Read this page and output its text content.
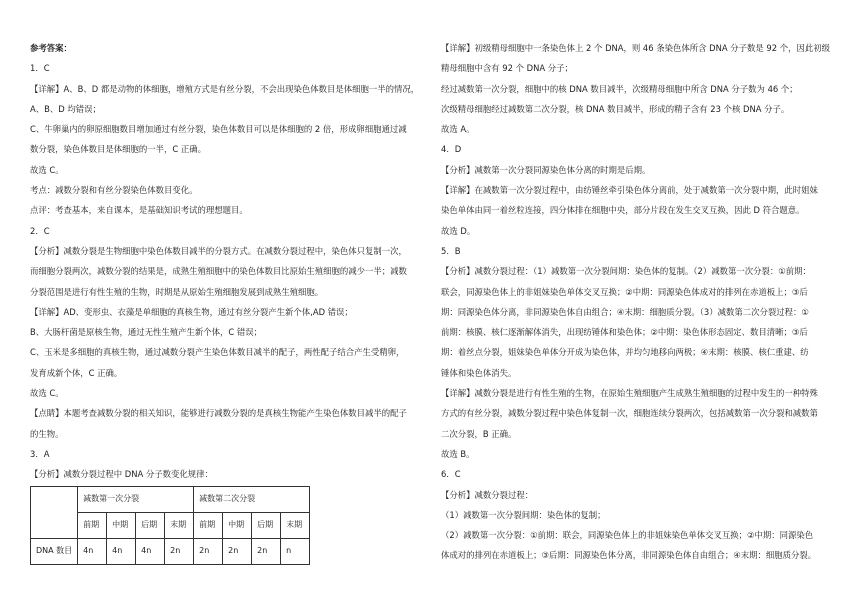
参考答案：
1．C
【详解】A、B、D 都是动物的体细胞，增殖方式是有丝分裂，不会出现染色体数目是体细胞一半的情况，
A、B、D 均错误；
C、牛卵巢内的卵原细胞数目增加通过有丝分裂，染色体数目可以是体细胞的 2 倍，形成卵细胞通过减
数分裂，染色体数目是体细胞的一半，C 正确。
故选 C。
考点：减数分裂和有丝分裂染色体数目变化。
点评：考查基本，来自课本，是基础知识考试的理想题目。
2．C
【分析】减数分裂是生物细胞中染色体数目减半的分裂方式。在减数分裂过程中，染色体只复制一次，
而细胞分裂两次，减数分裂的结果是，成熟生殖细胞中的染色体数目比原始生殖细胞的减少一半；减数
分裂范围是进行有性生殖的生物，时期是从原始生殖细胞发展到成熟生殖细胞。
【详解】AD、变形虫、衣藻是单细胞的真核生物，通过有丝分裂产生新个体,AD 错误；
B、大肠杆菌是原核生物，通过无性生殖产生新个体，C 错误；
C、玉米是多细胞的真核生物，通过减数分裂产生染色体数目减半的配子，两性配子结合产生受精卵，
发育成新个体，C 正确。
故选 C。
【点睛】本题考查减数分裂的相关知识，能够进行减数分裂的是真核生物能产生染色体数目减半的配子
的生物。
3．A
【分析】减数分裂过程中 DNA 分子数变化规律：
	减数第一次分裂				减数第二次分裂			
	前期	中期	后期	末期	前期	中期	后期	末期
DNA 数目	4n	4n	4n	2n	2n	2n	2n	n
【详解】初级精母细胞中一条染色体上 2 个 DNA，则 46 条染色体所含 DNA 分子数是 92 个，因此初级
精母细胞中含有 92 个 DNA 分子；
经过减数第一次分裂，细胞中的核 DNA 数目减半，次级精母细胞中所含 DNA 分子数为 46 个；
次级精母细胞经过减数第二次分裂，核 DNA 数目减半，形成的精子含有 23 个核 DNA 分子。
故选 A。
4．D
【分析】减数第一次分裂同源染色体分离的时期是后期。
【详解】在减数第一次分裂过程中，由纺锤丝牵引染色体分离前，处于减数第一次分裂中期，此时姐妹
染色单体由同一着丝粒连接，四分体排在细胞中央，部分片段在发生交叉互换，因此 D 符合题意。
故选 D。
5．B
【分析】减数分裂过程：（1）减数第一次分裂间期：染色体的复制。（2）减数第一次分裂：①前期：
联会，同源染色体上的非姐妹染色单体交叉互换；②中期：同源染色体成对的排列在赤道板上；③后
期：同源染色体分离，非同源染色体自由组合；④末期：细胞质分裂。（3）减数第二次分裂过程：①
前期：核膜、核仁逐渐解体消失，出现纺锤体和染色体；②中期：染色体形态固定、数目清晰；③后
期：着丝点分裂，姐妹染色单体分开成为染色体，并均匀地移向两极；④末期：核膜、核仁重建、纺
锤体和染色体消失。
【详解】减数分裂是进行有性生殖的生物，在原始生殖细胞产生成熟生殖细胞的过程中发生的一种特殊
方式的有丝分裂，减数分裂过程中染色体复制一次，细胞连续分裂两次，包括减数第一次分裂和减数第
二次分裂，B 正确。
故选 B。
6．C
【分析】减数分裂过程：
（1）减数第一次分裂间期：染色体的复制；
（2）减数第一次分裂：①前期：联会，同源染色体上的非姐妹染色单体交叉互换；②中期：同源染色
体成对的排列在赤道板上；③后期：同源染色体分离，非同源染色体自由组合；④末期：细胞质分裂。
